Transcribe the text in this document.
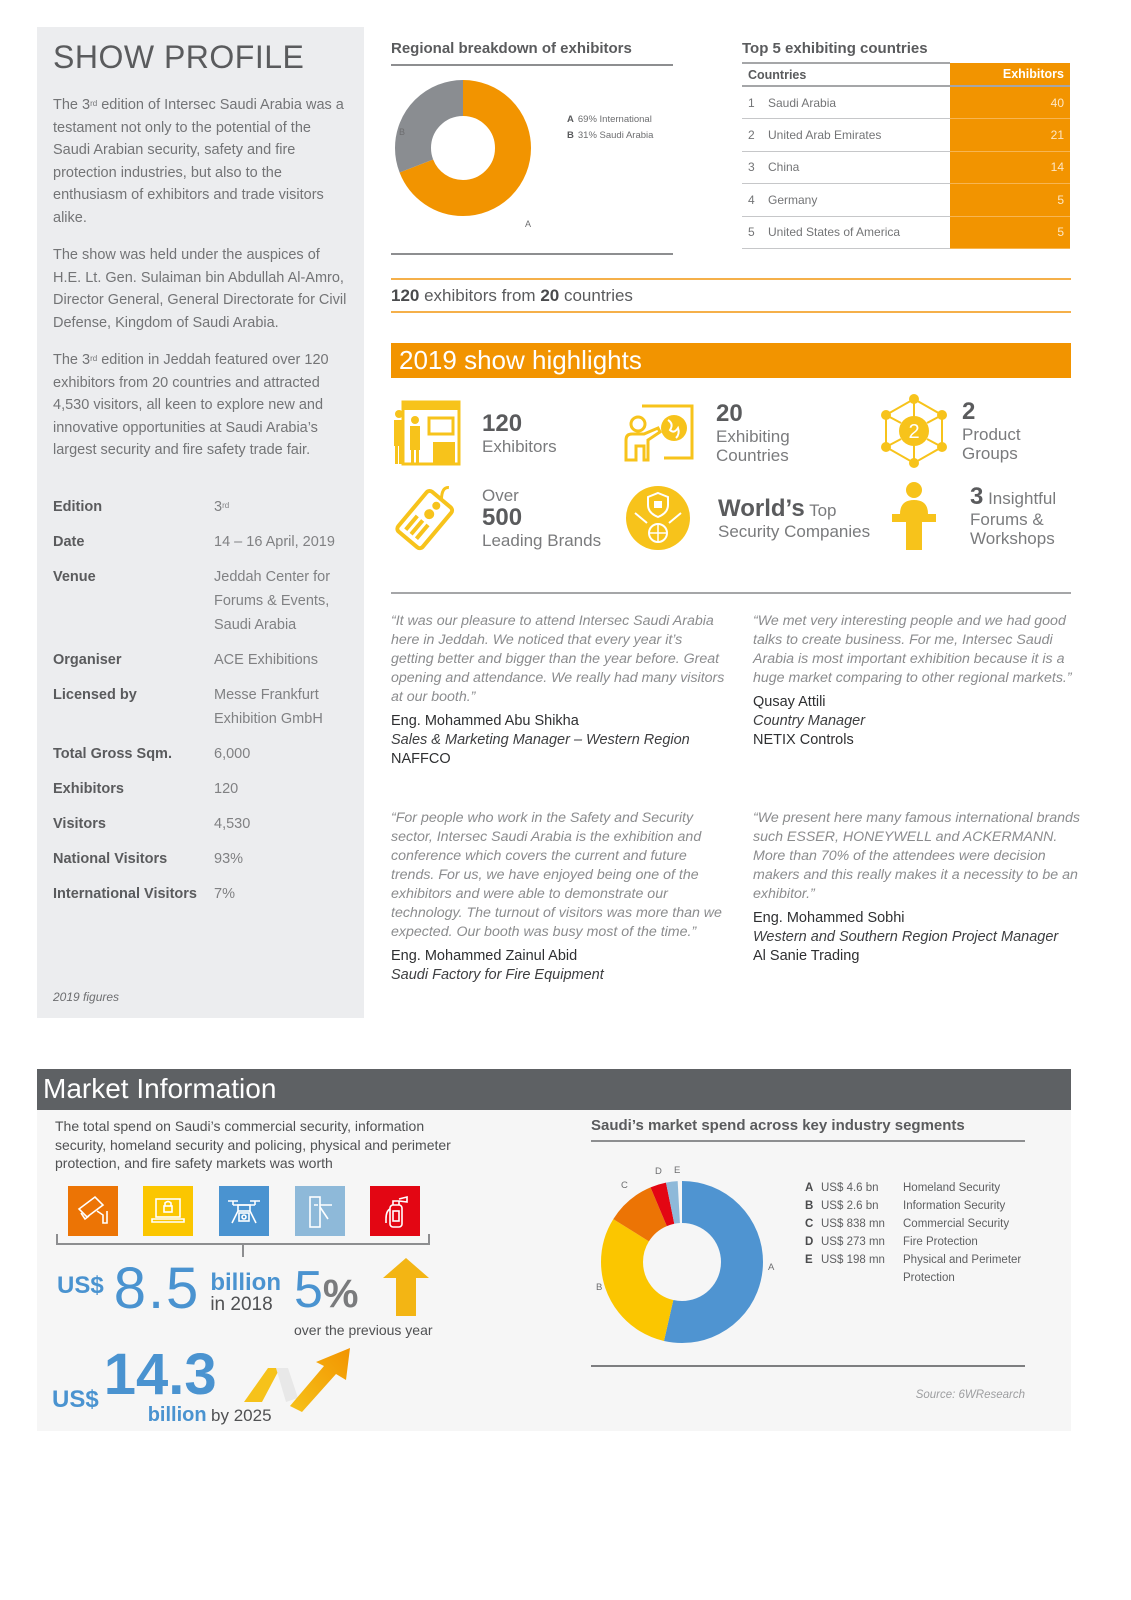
SHOW PROFILE

The 3rd edition of Intersec Saudi Arabia was a testament not only to the potential of the Saudi Arabian security, safety and fire protection industries, but also to the enthusiasm of exhibitors and trade visitors alike.

The show was held under the auspices of H.E. Lt. Gen. Sulaiman bin Abdullah Al-Amro, Director General, General Directorate for Civil Defense, Kingdom of Saudi Arabia.

The 3rd edition in Jeddah featured over 120 exhibitors from 20 countries and attracted 4,530 visitors, all keen to explore new and innovative opportunities at Saudi Arabia’s largest security and fire safety trade fair.

Edition	3rd
Date	14 – 16 April, 2019
Venue	Jeddah Center for Forums & Events, Saudi Arabia
Organiser	ACE Exhibitions
Licensed by	Messe Frankfurt Exhibition GmbH
Total Gross Sqm.	6,000
Exhibitors	120
Visitors	4,530
National Visitors	93%
International Visitors	7%
2019 figures
Regional breakdown of exhibitors
B
A
A 69% International
B 31% Saudi Arabia
Top 5 exhibiting countries
Countries		Exhibitors
1	Saudi Arabia	40
2	United Arab Emirates	21
3	China	14
4	Germany	5
5	United States of America	5
120 exhibitors from 20 countries
2019 show highlights
120
Exhibitors
20
Exhibiting
Countries
2
2
Product
Groups
Over
500
Leading Brands
World’s Top
Security Companies
3 Insightful
Forums &
Workshops
“It was our pleasure to attend Intersec Saudi Arabia here in Jeddah. We noticed that every year it’s getting better and bigger than the year before. Great opening and attendance. We really had many visitors at our booth.”
Eng. Mohammed Abu Shikha
Sales & Marketing Manager – Western Region
NAFFCO
“We met very interesting people and we had good talks to create business. For me, Intersec Saudi Arabia is most important exhibition because it is a huge market comparing to other regional markets.”
Qusay Attili
Country Manager
NETIX Controls
“For people who work in the Safety and Security sector, Intersec Saudi Arabia is the exhibition and conference which covers the current and future trends. For us, we have enjoyed being one of the exhibitors and were able to demonstrate our technology. The turnout of visitors was more than we expected. Our booth was busy most of the time.”
Eng. Mohammed Zainul Abid
Saudi Factory for Fire Equipment
“We present here many famous international brands such ESSER, HONEYWELL and ACKERMANN. More than 70% of the attendees were decision makers and this really makes it a necessity to be an exhibitor.”
Eng. Mohammed Sobhi
Western and Southern Region Project Manager
Al Sanie Trading
Market Information
The total spend on Saudi’s commercial security, information security, homeland security and policing, physical and perimeter protection, and fire safety markets was worth
US$ 8.5 billion
in 2018 5%
over the previous year
US$ 14.3
billion by 2025
Saudi’s market spend across key industry segments
A
B
C
D E
A US$ 4.6 bn	Homeland Security
B US$ 2.6 bn	Information Security
C US$ 838 mn	Commercial Security
D US$ 273 mn	Fire Protection
E US$ 198 mn	Physical and Perimeter Protection
Source: 6WResearch
